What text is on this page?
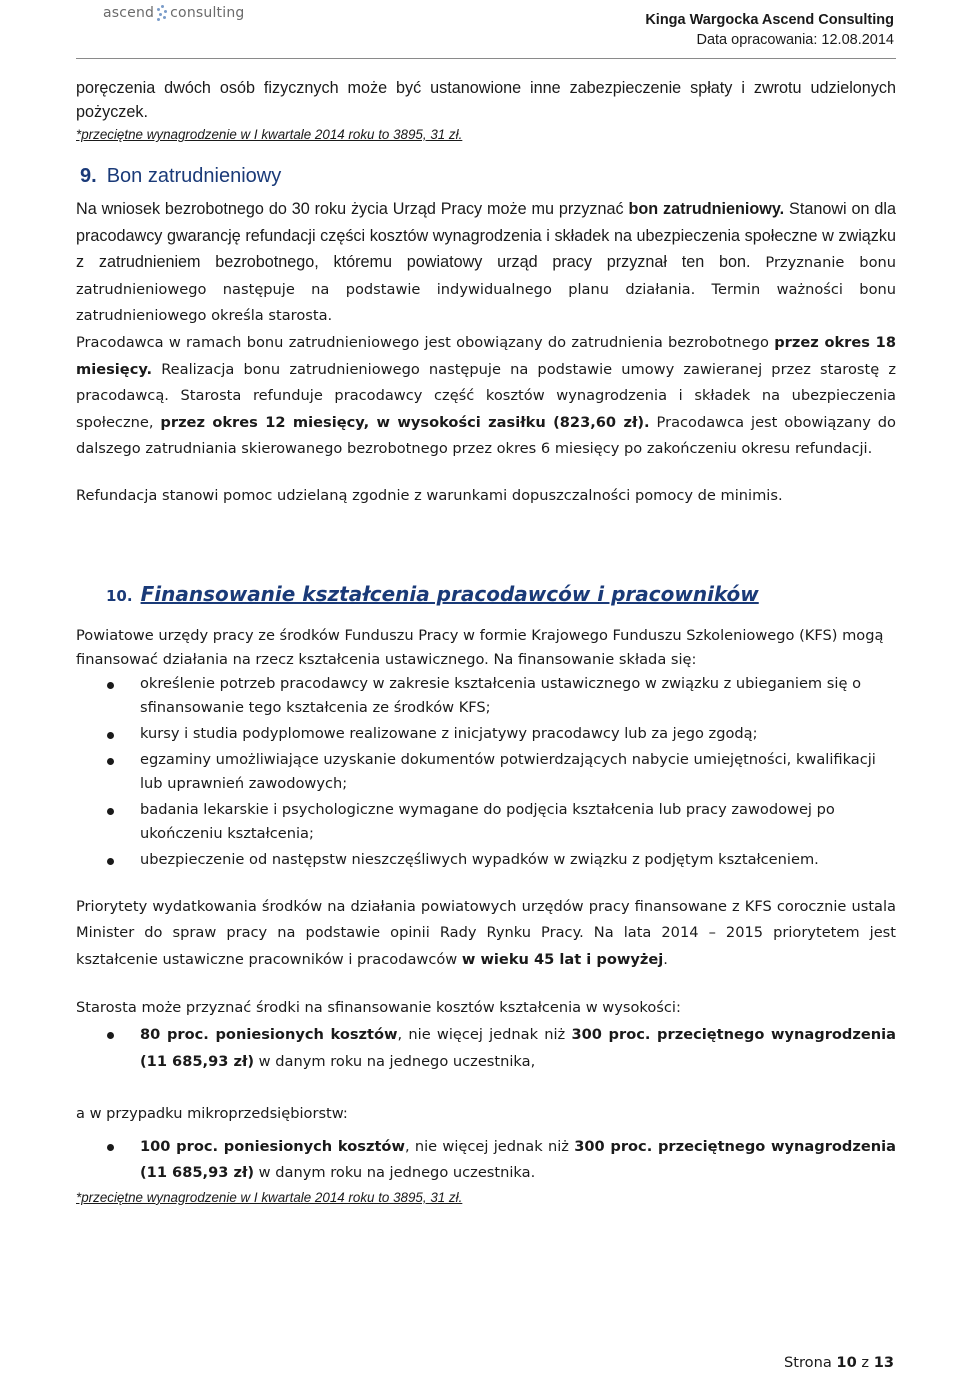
ascend consulting	Kinga Wargocka Ascend Consulting
Data opracowania: 12.08.2014

poręczenia dwóch osób fizycznych może być ustanowione inne zabezpieczenie spłaty i zwrotu udzielonych pożyczek.

*przeciętne wynagrodzenie w I kwartale 2014 roku to 3895, 31 zł.

9. Bon zatrudnieniowy

Na wniosek bezrobotnego do 30 roku życia Urząd Pracy może mu przyznać bon zatrudnieniowy. Stanowi on dla pracodawcy gwarancję refundacji części kosztów wynagrodzenia i składek na ubezpieczenia społeczne w związku z zatrudnieniem bezrobotnego, któremu powiatowy urząd pracy przyznał ten bon. Przyznanie bonu zatrudnieniowego następuje na podstawie indywidualnego planu działania. Termin ważności bonu zatrudnieniowego określa starosta.

Pracodawca w ramach bonu zatrudnieniowego jest obowiązany do zatrudnienia bezrobotnego przez okres 18 miesięcy. Realizacja bonu zatrudnieniowego następuje na podstawie umowy zawieranej przez starostę z pracodawcą. Starosta refunduje pracodawcy część kosztów wynagrodzenia i składek na ubezpieczenia społeczne, przez okres 12 miesięcy, w wysokości zasiłku (823,60 zł). Pracodawca jest obowiązany do dalszego zatrudniania skierowanego bezrobotnego przez okres 6 miesięcy po zakończeniu okresu refundacji.

Refundacja stanowi pomoc udzielaną zgodnie z warunkami dopuszczalności pomocy de minimis.

10. Finansowanie kształcenia pracodawców i pracowników

Powiatowe urzędy pracy ze środków Funduszu Pracy w formie Krajowego Funduszu Szkoleniowego (KFS) mogą finansować działania na rzecz kształcenia ustawicznego. Na finansowanie składa się:

określenie potrzeb pracodawcy w zakresie kształcenia ustawicznego w związku z ubieganiem się o sfinansowanie tego kształcenia ze środków KFS;
kursy i studia podyplomowe realizowane z inicjatywy pracodawcy lub za jego zgodą;
egzaminy umożliwiające uzyskanie dokumentów potwierdzających nabycie umiejętności, kwalifikacji lub uprawnień zawodowych;
badania lekarskie i psychologiczne wymagane do podjęcia kształcenia lub pracy zawodowej po ukończeniu kształcenia;
ubezpieczenie od następstw nieszczęśliwych wypadków w związku z podjętym kształceniem.

Priorytety wydatkowania środków na działania powiatowych urzędów pracy finansowane z KFS corocznie ustala Minister do spraw pracy na podstawie opinii Rady Rynku Pracy. Na lata 2014 – 2015 priorytetem jest kształcenie ustawiczne pracowników i pracodawców w wieku 45 lat i powyżej.

Starosta może przyznać środki na sfinansowanie kosztów kształcenia w wysokości:

80 proc. poniesionych kosztów, nie więcej jednak niż 300 proc. przeciętnego wynagrodzenia (11 685,93 zł) w danym roku na jednego uczestnika,

a w przypadku mikroprzedsiębiorstw:

100 proc. poniesionych kosztów, nie więcej jednak niż 300 proc. przeciętnego wynagrodzenia (11 685,93 zł) w danym roku na jednego uczestnika.

*przeciętne wynagrodzenie w I kwartale 2014 roku to 3895, 31 zł.

Strona 10 z 13
